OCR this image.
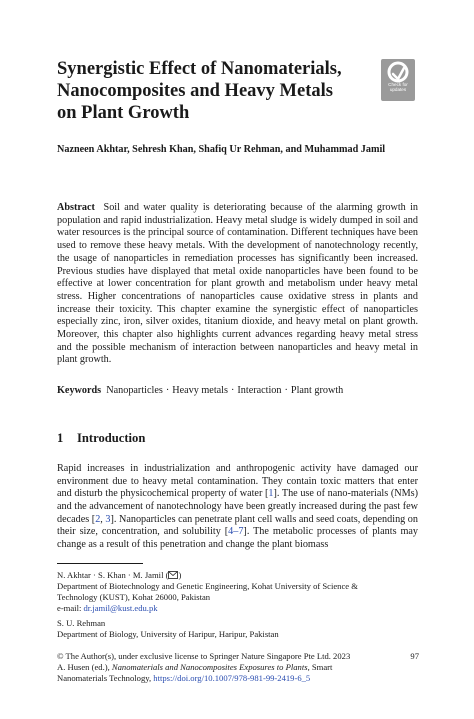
Synergistic Effect of Nanomaterials,
Nanocomposites and Heavy Metals
on Plant Growth
Check for
updates
Nazneen Akhtar, Sehresh Khan, Shafiq Ur Rehman, and Muhammad Jamil

Abstract Soil and water quality is deteriorating because of the alarming growth in population and rapid industrialization. Heavy metal sludge is widely dumped in soil and water resources is the principal source of contamination. Different techniques have been used to remove these heavy metals. With the development of nanotechnology recently, the usage of nanoparticles in remediation processes has significantly been increased. Previous studies have displayed that metal oxide nanoparticles have been found to be effective at lower concentration for plant growth and metabolism under heavy metal stress. Higher concentrations of nanoparticles cause oxidative stress in plants and increase their toxicity. This chapter examine the synergistic effect of nanoparticles especially zinc, iron, silver oxides, titanium dioxide, and heavy metal on plant growth. Moreover, this chapter also highlights current advances regarding heavy metal stress and the possible mechanism of interaction between nanoparticles and heavy metal in plant growth.

Keywords Nanoparticles · Heavy metals · Interaction · Plant growth
1 Introduction

Rapid increases in industrialization and anthropogenic activity have damaged our environment due to heavy metal contamination. They contain toxic matters that enter and disturb the physicochemical property of water [1]. The use of nano-materials (NMs) and the advancement of nanotechnology have been greatly increased during the past few decades [2, 3]. Nanoparticles can penetrate plant cell walls and seed coats, depending on their size, concentration, and solubility [4–7]. The metabolic processes of plants may change as a result of this penetration and change the plant biomass

N. Akhtar · S. Khan · M. Jamil ( )
Department of Biotechnology and Genetic Engineering, Kohat University of Science &
Technology (KUST), Kohat 26000, Pakistan
e-mail: dr.jamil@kust.edu.pk
S. U. Rehman
Department of Biology, University of Haripur, Haripur, Pakistan
© The Author(s), under exclusive license to Springer Nature Singapore Pte Ltd. 2023
A. Husen (ed.), Nanomaterials and Nanocomposites Exposures to Plants, Smart
Nanomaterials Technology, https://doi.org/10.1007/978-981-99-2419-6_5
97
